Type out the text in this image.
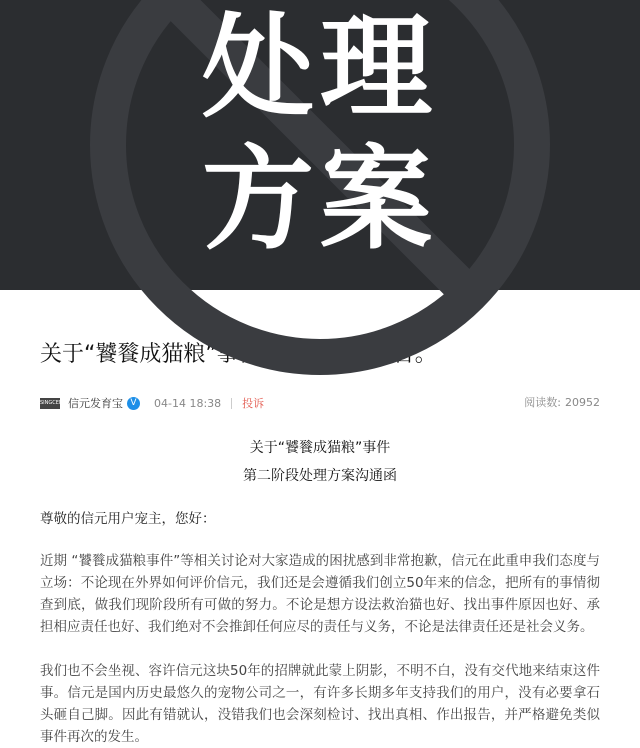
处理
方案
关于“饕餮成猫粮”事件的处理方案公告。
SINGCEN 信元发育宝 V	04-14 18:38 投诉	阅读数: 20952
关于“饕餮成猫粮”事件
第二阶段处理方案沟通函
尊敬的信元用户宠主，您好：

近期 “饕餮成猫粮事件”等相关讨论对大家造成的困扰感到非常抱歉，信元在此重申我们态度与立场：不论现在外界如何评价信元，我们还是会遵循我们创立50年来的信念，把所有的事情彻查到底，做我们现阶段所有可做的努力。不论是想方设法救治猫也好、找出事件原因也好、承担相应责任也好、我们绝对不会推卸任何应尽的责任与义务，不论是法律责任还是社会义务。

我们也不会坐视、容许信元这块50年的招牌就此蒙上阴影，不明不白，没有交代地来结束这件事。信元是国内历史最悠久的宠物公司之一，有许多长期多年支持我们的用户，没有必要拿石头砸自己脚。因此有错就认，没错我们也会深刻检讨、找出真相、作出报告，并严格避免类似事件再次的发生。
